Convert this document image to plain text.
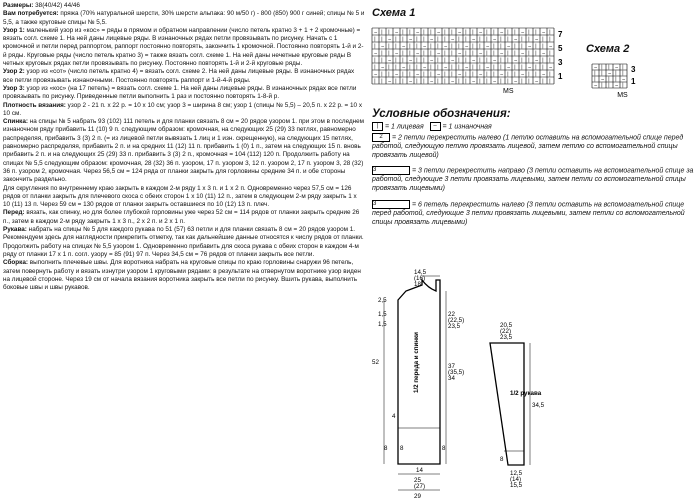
Размеры: 38(40/42) 44/46

Вам потребуется: пряжа (70% натуральной шерсти, 30% шерсти альпака: 90 м/50 г) - 800 (850) 900 г синей; спицы № 5 и 5,5, а также круговые спицы № 5,5.

Узор 1: маленький узор из «кос» = ряды в прямом и обратном направлении (число петель кратно 3 + 1 + 2 кромочные) = вязать согл. схеме 1. На ней даны лицевые ряды. В изнаночных рядах петли провязывать по рисунку. Начать с 1 кромочной и петли перед раппортом, раппорт постоянно повторять, закончить 1 кромочной. Постоянно повторять 1-й и 2-й ряды. Круговые ряды (число петель кратно 3) = также вязать согл. схеме 1. На ней даны нечетные круговые ряды В четных круговых рядах петли провязывать по рисунку. Постоянно повторять 1-й и 2-й круговые ряды.

Узор 2: узор из «сот» (число петель кратно 4) = вязать согл. схеме 2. На ней даны лицевые ряды. В изнаночных рядах все петли провязывать изнаночными. Постоянно повторять раппорт и 1-й-4-й ряды.

Узор 3: узор из «кос» (на 17 петель) = вязать согл. схеме 1. На ней даны лицевые ряды. В изнаночных рядах все петли провязывать по рисунку. Приведенные петли выполнить 1 раз и постоянно повторять 1-8-й р.

Плотность вязания: узор 2 - 21 п. x 22 р. = 10 x 10 см; узор 3 = ширина 8 см; узор 1 (спицы № 5,5) – 20,5 п. x 22 р. = 10 x 10 см.

Спинка: на спицы № 5 набрать 93 (102) 111 петель и для планки связать 8 см = 20 рядов узором 1. при этом в последнем изнаночном ряду прибавить 11 (10) 9 п. следующим образом: кромочная, на следующих 25 (29) 33 петлях, равномерно распределяя, прибавить 3 (3) 2 п. (= из лицевой петли вывязать 1 лиц и 1 изн. скрещенную), на следующих 15 петлях, равномерно распределяя, прибавить 2 п. и на средних 11 (12) 11 п. прибавить 1 (0) 1 п., затем на следующих 15 п. вновь прибавить 2 п. и на следующих 25 (29) 33 п. прибавить 3 (3) 2 п., кромочная = 104 (112) 120 п. Продолжить работу на спицах № 5,5 следующим образом: кромочная, 28 (32) 36 п. узором, 17 п. узором 3, 12 п. узором 2, 17 п. узором 3, 28 (32) 36 п. узором 2, кромочная. Через 56,5 см = 124 ряда от планки закрыть для горловины средние 34 п. и обе стороны закончить раздельно.

Для скругления по внутреннему краю закрыть в каждом 2-м ряду 1 x 3 п. и 1 x 2 п. Одновременно через 57,5 см = 126 рядов от планки закрыть для плечевого скоса с обеих сторон 1 x 10 (11) 12 п., затем в следующем 2-м ряду закрыть 1 x 10 (11) 13 п. Через 59 см = 130 рядов от планки закрыть оставшиеся по 10 (12) 13 п. плеч.

Перед: вязать, как спинку, но для более глубокой горловины уже через 52 см = 114 рядов от планки закрыть средние 26 п., затем в каждом 2-м ряду закрыть 1 x 3 п., 2 x 2 п. и 2 x 1 п.

Рукава: набрать на спицы № 5 для каждого рукава по 51 (57) 63 петли и для планки связать 8 см = 20 рядов узором 1. Рекомендуем здесь для наглядности прикрепить отметку, так как дальнейшие данные относятся к числу рядов от планки. Продолжить работу на спицах № 5,5 узором 1. Одновременно прибавить для скоса рукава с обеих сторон в каждом 4-м ряду от планки 17 x 1 п. согл. узору = 85 (91) 97 п. Через 34,5 см = 76 рядов от планки закрыть все петли.

Сборка: выполнить плечевые швы. Для воротника набрать на круговые спицы по краю горловины снаружи 96 петель, затем повернуть работу и вязать изнутри узором 1 круговыми рядами: в результате на отвернутом воротнике узор виден на лицевой стороне. Через 19 см от начала вязания воротника закрыть все петли по рисунку. Вшить рукава, выполнить боковые швы и швы рукавов.

Схема 1
– | | – | | – | | – | | – | | – | | – | | – | | – |
| | – | | – | | – | | – | | – | | – | | – | | – | |
| – | | – | | – | | – | | – | | – | | – | | – | | –
– | | – | | – | | – | | – | | – | | – | | – | | – |
| | – | | – | | – | | – | | – | | – | | – | | – | |
| – | | – | | – | | – | | – | | – | | – | | – | | –
– | | – | | – | | – | | – | | – | | – | | – | | – |
| | – | | – | | – | | – | | – | | – | | – | | – | |
7
5
3
1
MS
Схема 2
– | | – |
| | – | |
| – | | –
– | | – |
3
1
MS
Условные обозначения:
| = 1 лицевая – = 1 изнаночная
2 = 2 петли перекрестить налево (1 петлю оставить на вспомогательной спице перед работой, следующую петлю провязать лицевой, затем петлю со вспомогательной спицы провязать лицевой)
3	= 3 петли перекрестить направо (3 петли оставить на вспомогательной спице за работой, следующие 3 петли провязать лицевыми, затем петли со вспомогательной спицы провязать лицевыми)
3	= 6 петель перекрестить налево (3 петли оставить на вспомогательной спице перед работой, следующие 3 петли провязать лицевыми, затем петли со вспомогательной спицы провязать лицевыми)
14,5
(16)
18
2,5
1,5
1,5
52
22
(22,5)
23,5
37
(35,5)
34
4
8 8	8
14
25
(27)
29
1/2 переда и спинки
20,5
(22)
23,5
34,5
12,5
(14)
15,5
8
1/2 рукава
